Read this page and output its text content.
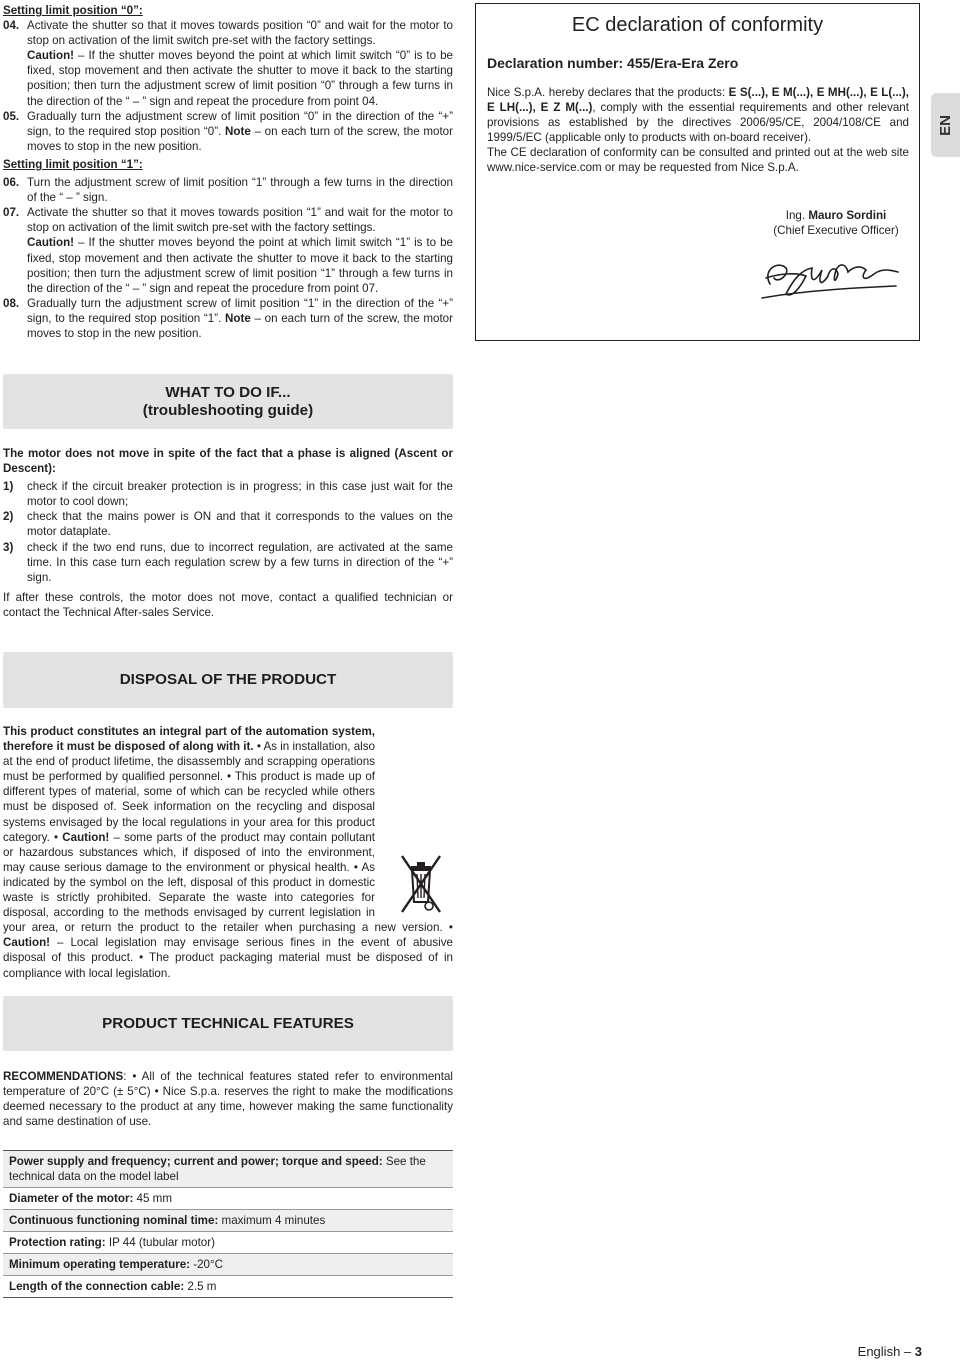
Setting limit position “0”:

04. Activate the shutter so that it moves towards position “0” and wait for the motor to stop on activation of the limit switch pre-set with the factory settings.
Caution! – If the shutter moves beyond the point at which limit switch “0” is to be fixed, stop movement and then activate the shutter to move it back to the starting position; then turn the adjustment screw of limit position “0” through a few turns in the direction of the “ – ” sign and repeat the procedure from point 04.
05. Gradually turn the adjustment screw of limit position “0” in the direction of the “+” sign, to the required stop position “0”. Note – on each turn of the screw, the motor moves to stop in the new position.

Setting limit position “1”:

06. Turn the adjustment screw of limit position “1” through a few turns in the direction of the “ – ” sign.
07. Activate the shutter so that it moves towards position “1” and wait for the motor to stop on activation of the limit switch pre-set with the factory settings.
Caution! – If the shutter moves beyond the point at which limit switch “1” is to be fixed, stop movement and then activate the shutter to move it back to the starting position; then turn the adjustment screw of limit position “1” through a few turns in the direction of the “ – ” sign and repeat the procedure from point 07.
08. Gradually turn the adjustment screw of limit position “1” in the direction of the “+” sign, to the required stop position “1”. Note – on each turn of the screw, the motor moves to stop in the new position.
EC declaration of conformity
Declaration number: 455/Era-Era Zero
Nice S.p.A. hereby declares that the products: E S(...), E M(...), E MH(...), E L(...), E LH(...), E Z M(...), comply with the essential requirements and other relevant provisions as established by the directives 2006/95/CE, 2004/108/CE and 1999/5/EC (applicable only to products with on-board receiver).
The CE declaration of conformity can be consulted and printed out at the web site www.nice-service.com or may be requested from Nice S.p.A.
Ing. Mauro Sordini
(Chief Executive Officer)
EN
WHAT TO DO IF...
(troubleshooting guide)

The motor does not move in spite of the fact that a phase is aligned (Ascent or Descent):

1) check if the circuit breaker protection is in progress; in this case just wait for the motor to cool down;
2) check that the mains power is ON and that it corresponds to the values on the motor dataplate.
3) check if the two end runs, due to incorrect regulation, are activated at the same time. In this case turn each regulation screw by a few turns in direction of the “+” sign.

If after these controls, the motor does not move, contact a qualified technician or contact the Technical After-sales Service.

DISPOSAL OF THE PRODUCT

This product constitutes an integral part of the automation system, therefore it must be disposed of along with it. • As in installation, also at the end of product lifetime, the disassembly and scrapping operations must be performed by qualified personnel. • This product is made up of different types of material, some of which can be recycled while others must be disposed of. Seek information on the recycling and disposal systems envisaged by the local regulations in your area for this product category. • Caution! – some parts of the product may contain pollutant or hazardous substances which, if disposed of into the environment, may cause serious damage to the environment or physical health. • As indicated by the symbol on the left, disposal of this product in domestic waste is strictly prohibited. Separate the waste into categories for disposal, according to the methods envisaged by current legislation in your area, or return the product to the retailer when purchasing a new version. • Caution! – Local legislation may envisage serious fines in the event of abusive disposal of this product. • The product packaging material must be disposed of in compliance with local legislation.

PRODUCT TECHNICAL FEATURES

RECOMMENDATIONS: • All of the technical features stated refer to environmental temperature of 20°C (± 5°C) • Nice S.p.a. reserves the right to make the modifications deemed necessary to the product at any time, however making the same functionality and same destination of use.

Power supply and frequency; current and power; torque and speed: See the technical data on the model label
Diameter of the motor: 45 mm
Continuous functioning nominal time: maximum 4 minutes
Protection rating: IP 44 (tubular motor)
Minimum operating temperature: -20°C
Length of the connection cable: 2.5 m
English – 3
